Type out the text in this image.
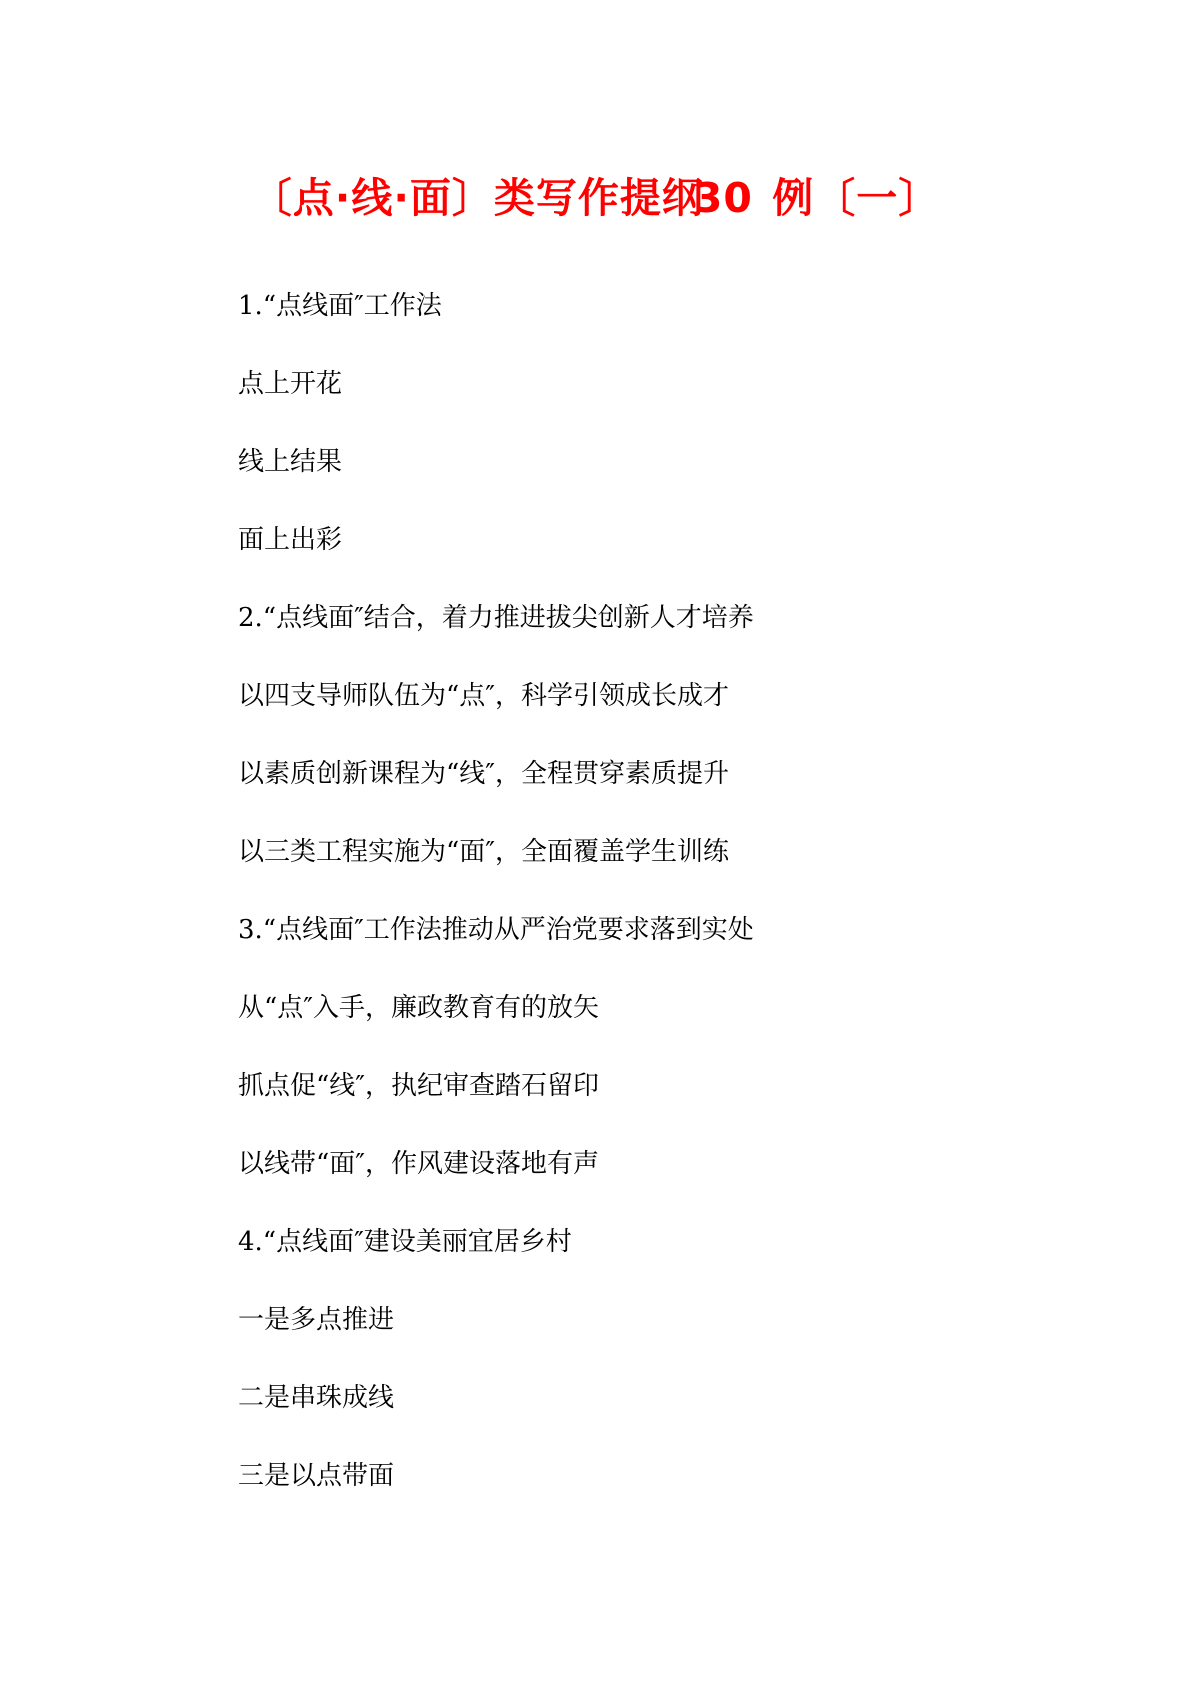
〔点·线·面〕类写作提纲30 例〔一〕
1.“点线面″工作法
点上开花
线上结果
面上出彩
2.“点线面″结合，着力推进拔尖创新人才培养
以四支导师队伍为“点″，科学引领成长成才
以素质创新课程为“线″，全程贯穿素质提升
以三类工程实施为“面″，全面覆盖学生训练
3.“点线面″工作法推动从严治党要求落到实处
从“点″入手，廉政教育有的放矢
抓点促“线″，执纪审查踏石留印
以线带“面″，作风建设落地有声
4.“点线面″建设美丽宜居乡村
一是多点推进
二是串珠成线
三是以点带面
